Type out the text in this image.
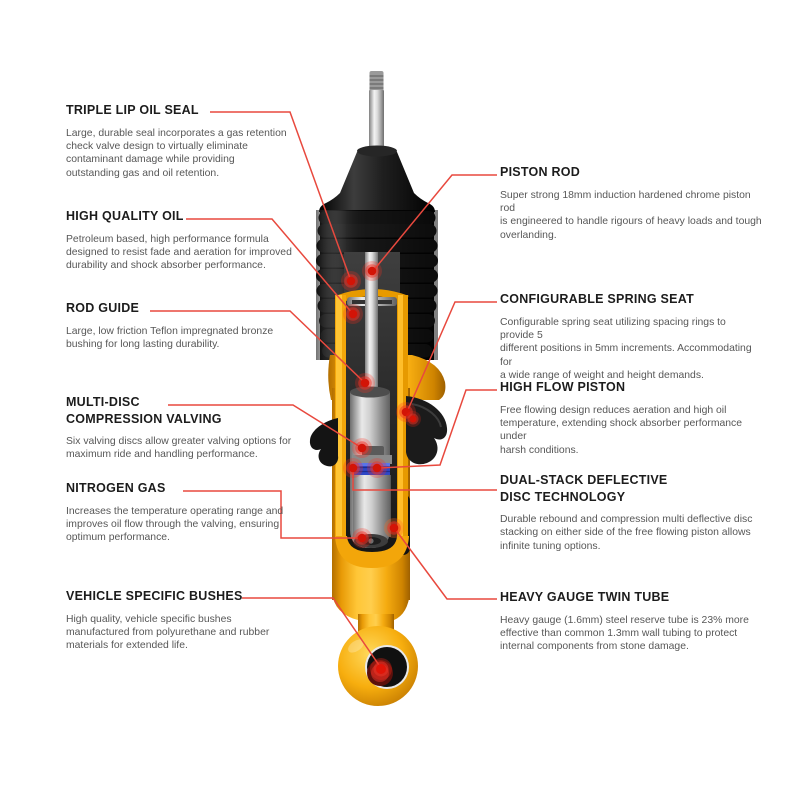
TRIPLE LIP OIL SEAL

Large, durable seal incorporates a gas retention
check valve design to virtually eliminate
contaminant damage while providing
outstanding gas and oil retention.

HIGH QUALITY OIL

Petroleum based, high performance formula
designed to resist fade and aeration for improved
durability and shock absorber performance.

ROD GUIDE

Large, low friction Teflon impregnated bronze
bushing for long lasting durability.

MULTI-DISC
COMPRESSION VALVING

Six valving discs allow greater valving options for
maximum ride and handling performance.

NITROGEN GAS

Increases the temperature operating range and
improves oil flow through the valving, ensuring
optimum performance.

VEHICLE SPECIFIC BUSHES

High quality, vehicle specific bushes
manufactured from polyurethane and rubber
materials for extended life.

PISTON ROD

Super strong 18mm induction hardened chrome piston rod
is engineered to handle rigours of heavy loads and tough
overlanding.

CONFIGURABLE SPRING SEAT

Configurable spring seat utilizing spacing rings to provide 5
different positions in 5mm increments. Accommodating for
a wide range of weight and height demands.

HIGH FLOW PISTON

Free flowing design reduces aeration and high oil
temperature, extending shock absorber performance under
harsh conditions.

DUAL-STACK DEFLECTIVE
DISC TECHNOLOGY

Durable rebound and compression multi deflective disc
stacking on either side of the free flowing piston allows
infinite tuning options.

HEAVY GAUGE TWIN TUBE

Heavy gauge (1.6mm) steel reserve tube is 23% more
effective than common 1.3mm wall tubing to protect
internal components from stone damage.
